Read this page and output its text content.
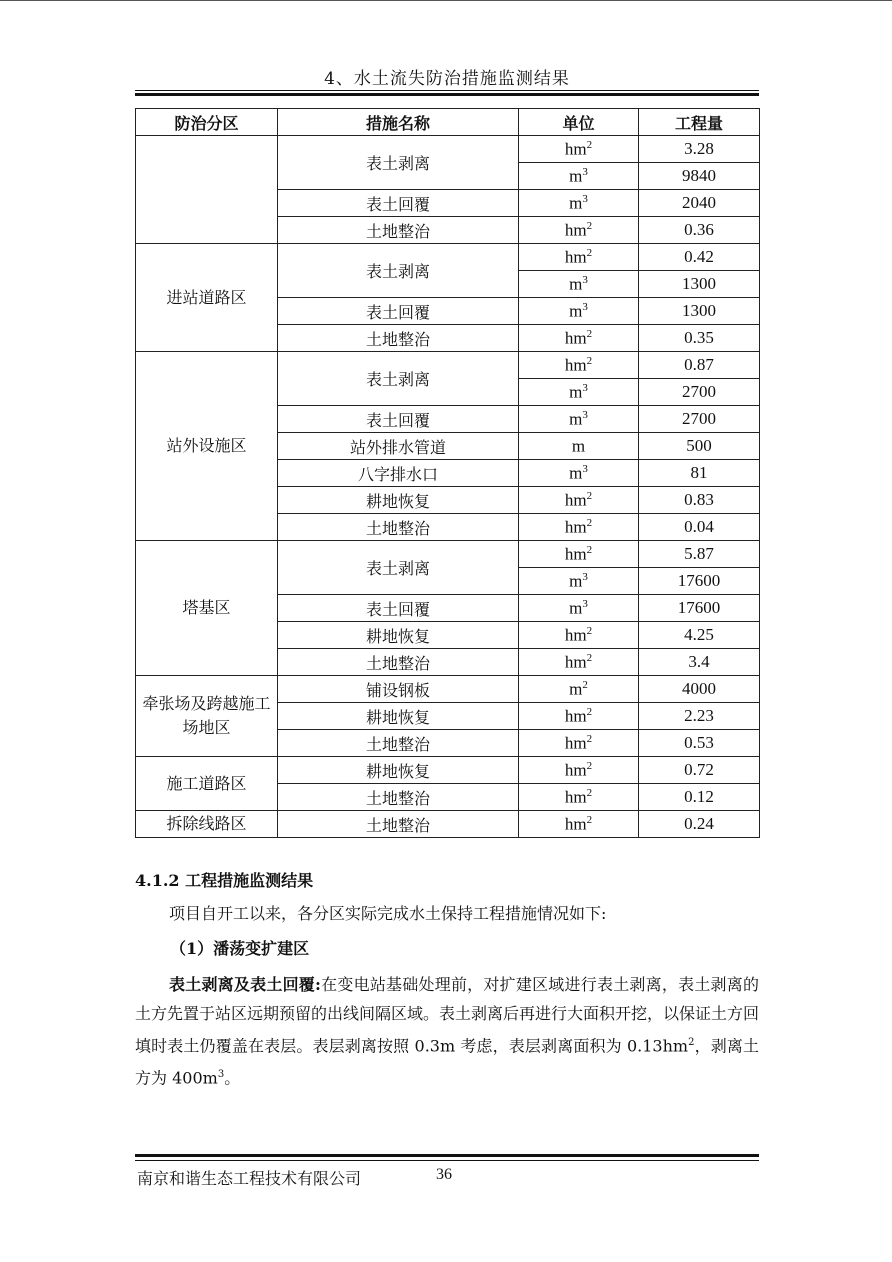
4、水土流失防治措施监测结果
防治分区	措施名称	单位	工程量
	表土剥离	$hm^2$	3.28
		$m^3$	9840
	表土回覆	$m^3$	2040
	土地整治	$hm^2$	0.36
进站道路区	表土剥离	$hm^2$	0.42
		$m^3$	1300
	表土回覆	$m^3$	1300
	土地整治	$hm^2$	0.35
站外设施区	表土剥离	$hm^2$	0.87
		$m^3$	2700
	表土回覆	$m^3$	2700
	站外排水管道	m	500
	八字排水口	$m^3$	81
	耕地恢复	$hm^2$	0.83
	土地整治	$hm^2$	0.04
塔基区	表土剥离	$hm^2$	5.87
		$m^3$	17600
	表土回覆	$m^3$	17600
	耕地恢复	$hm^2$	4.25
	土地整治	$hm^2$	3.4
牵张场及跨越施工场地区	铺设钢板	$m^2$	4000
	耕地恢复	$hm^2$	2.23
	土地整治	$hm^2$	0.53
施工道路区	耕地恢复	$hm^2$	0.72
	土地整治	$hm^2$	0.12
拆除线路区	土地整治	$hm^2$	0.24
4.1.2 工程措施监测结果
项目自开工以来，各分区实际完成水土保持工程措施情况如下:
（1）潘荡变扩建区
表土剥离及表土回覆:在变电站基础处理前，对扩建区域进行表土剥离，表土剥离的土方先置于站区远期预留的出线间隔区域。表土剥离后再进行大面积开挖，以保证土方回填时表土仍覆盖在表层。表层剥离按照 0.3m 考虑，表层剥离面积为 $0.13hm^2$，剥离土方为 $400m^3$。
南京和谐生态工程技术有限公司	36
